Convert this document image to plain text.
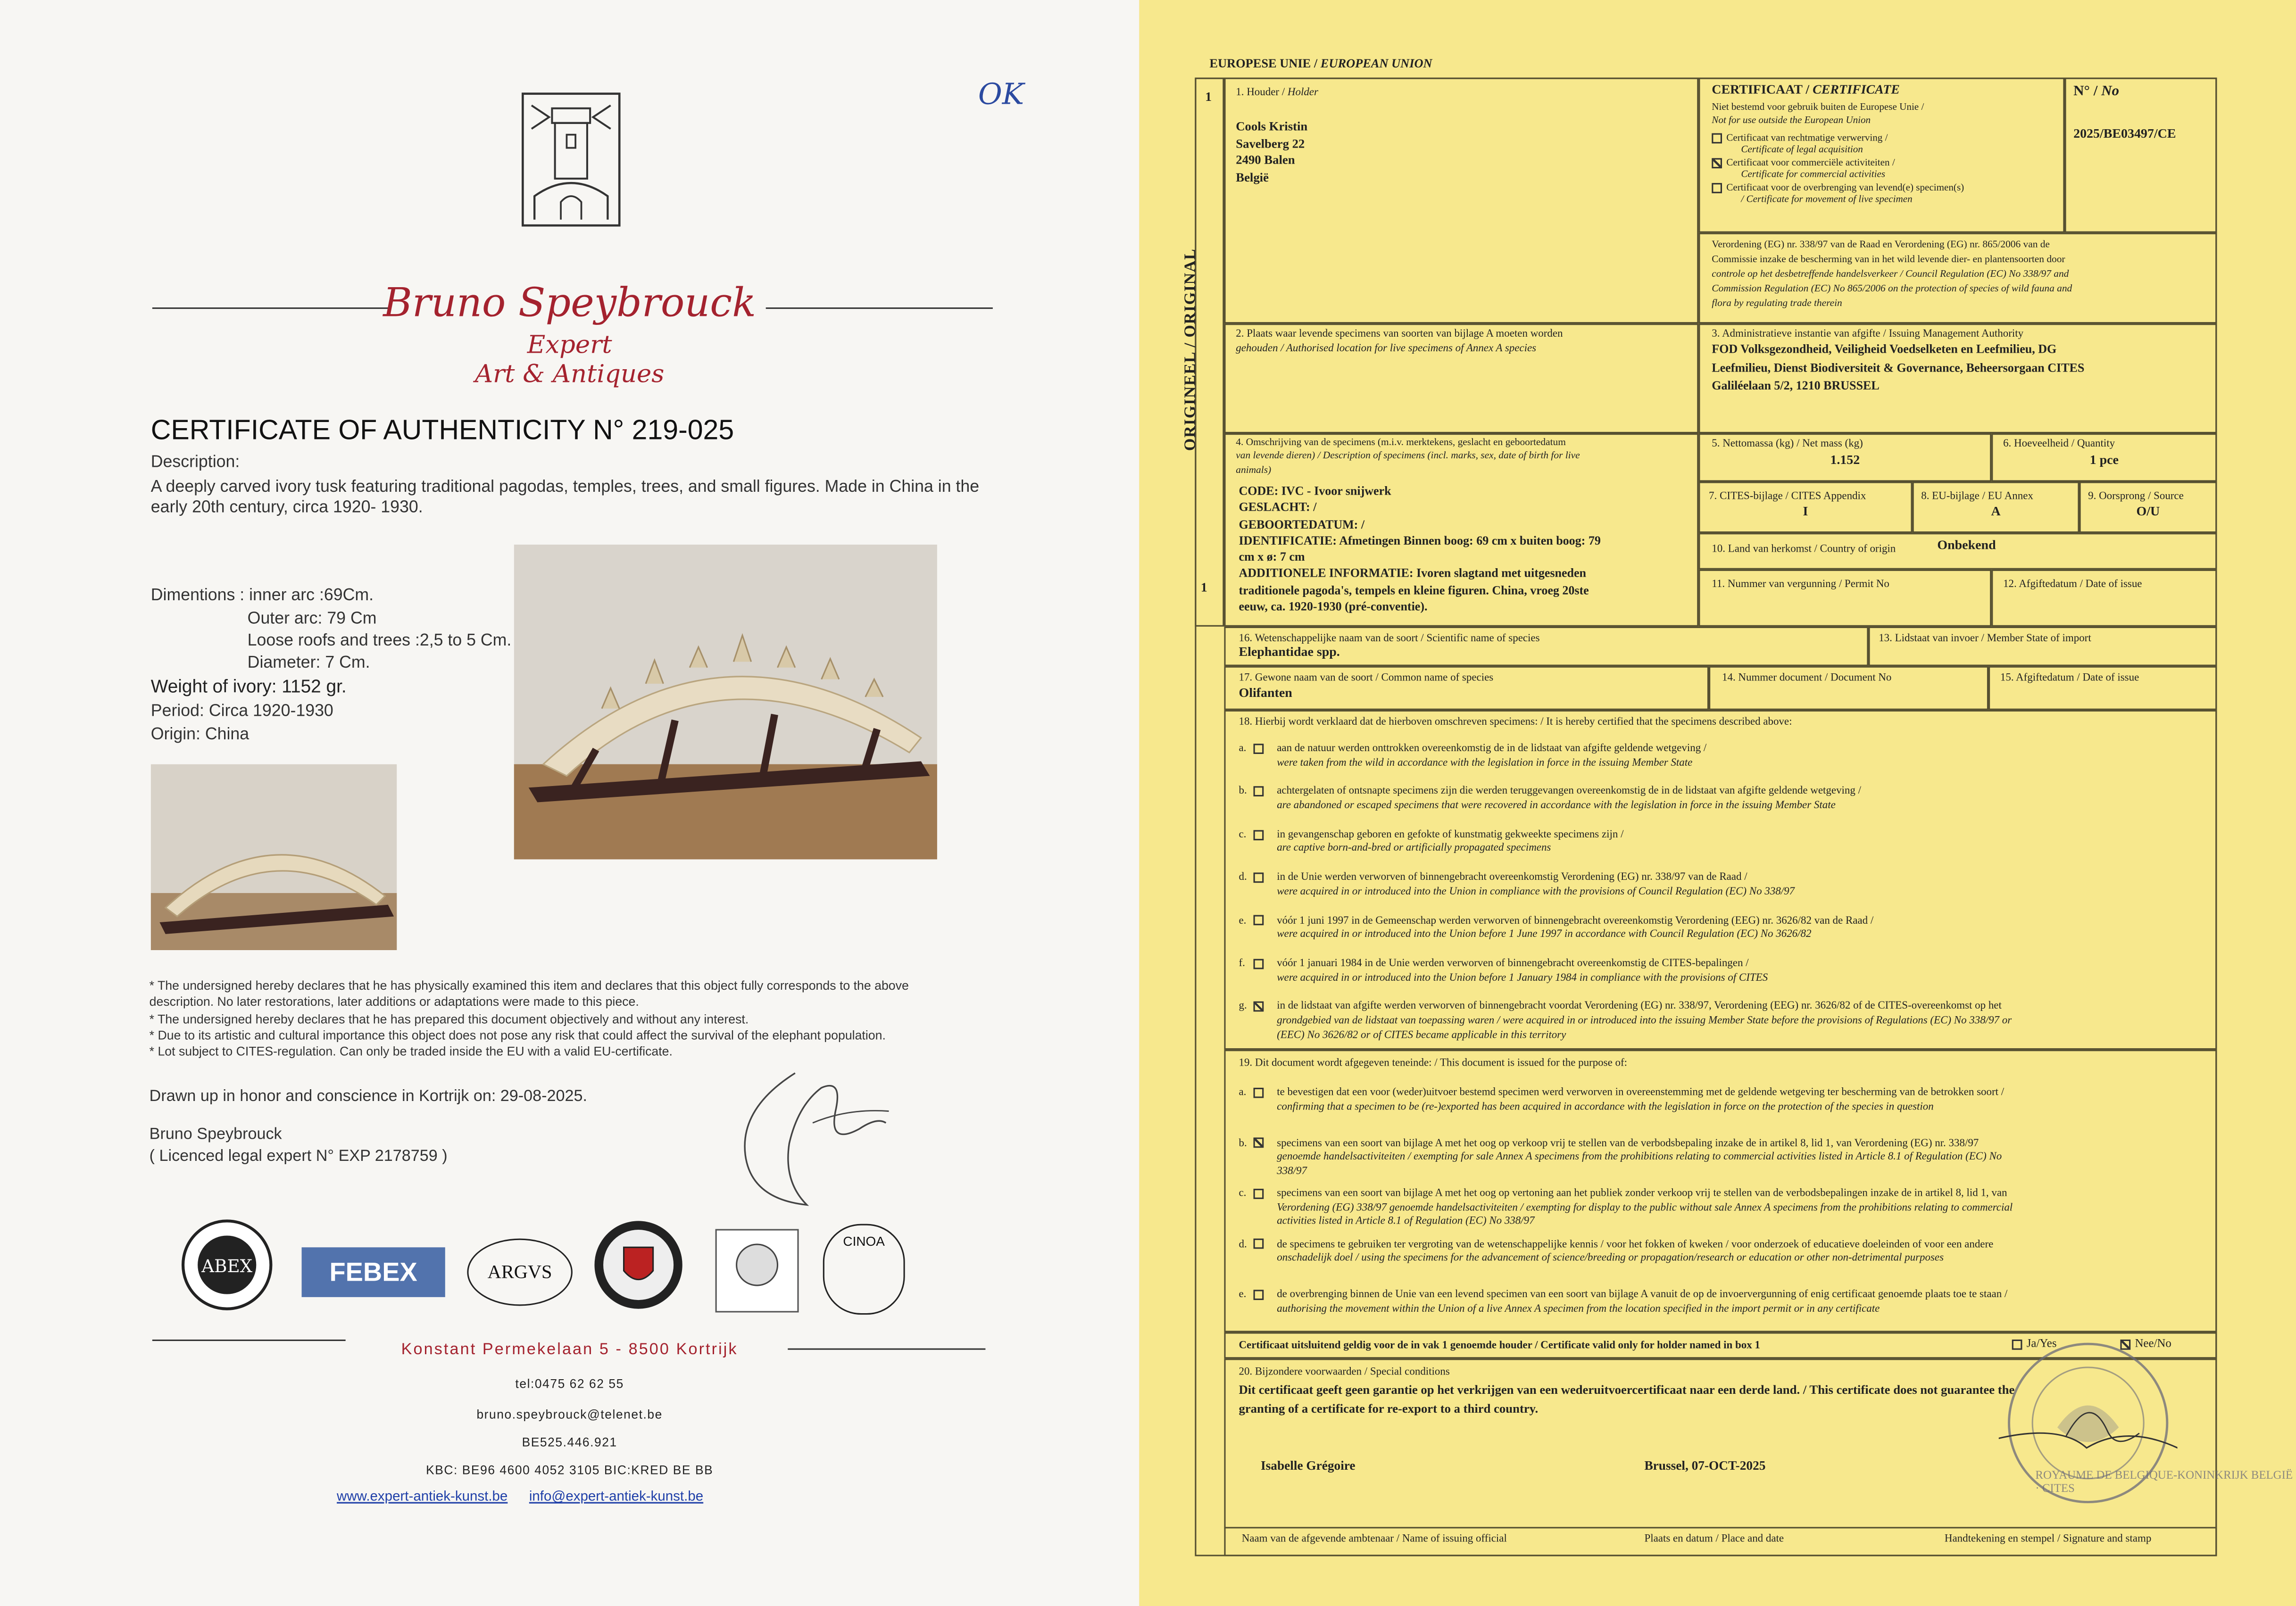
OK
Bruno Speybrouck
Expert
Art & Antiques
CERTIFICATE OF AUTHENTICITY N° 219-025
Description:
A deeply carved ivory tusk featuring traditional pagodas, temples, trees, and small figures. Made in China in the
early 20th century, circa 1920- 1930.
Dimentions : inner arc :69Cm.
Outer arc: 79 Cm
Loose roofs and trees :2,5 to 5 Cm.
Diameter: 7 Cm.
Weight of ivory: 1152 gr.
Period: Circa 1920-1930
Origin: China
* The undersigned hereby declares that he has physically examined this item and declares that this object fully corresponds to the above
description. No later restorations, later additions or adaptations were made to this piece.
* The undersigned hereby declares that he has prepared this document objectively and without any interest.
* Due to its artistic and cultural importance this object does not pose any risk that could affect the survival of the elephant population.
* Lot subject to CITES-regulation. Can only be traded inside the EU with a valid EU-certificate.
Drawn up in honor and conscience in Kortrijk on: 29-08-2025.
Bruno Speybrouck
( Licenced legal expert N° EXP 2178759 )
ABEX	FEBEX	ARGVS
CINOA
Konstant Permekelaan 5 - 8500 Kortrijk
tel:0475 62 62 55
bruno.speybrouck@telenet.be
BE525.446.921
KBC: BE96 4600 4052 3105 BIC:KRED BE BB
www.expert-antiek-kunst.be	info@expert-antiek-kunst.be
EUROPESE UNIE / EUROPEAN UNION
1
1
ORIGINEEL / ORIGINAL
1. Houder / Holder
Cools Kristin
Savelberg 22
2490 Balen
België
CERTIFICAAT / CERTIFICATE
Niet bestemd voor gebruik buiten de Europese Unie /
Not for use outside the European Union
Certificaat van rechtmatige verwerving /
Certificate of legal acquisition
Certificaat voor commerciële activiteiten /
Certificate for commercial activities
Certificaat voor de overbrenging van levend(e) specimen(s)
/ Certificate for movement of live specimen
N° / No
2025/BE03497/CE
Verordening (EG) nr. 338/97 van de Raad en Verordening (EG) nr. 865/2006 van de
Commissie inzake de bescherming van in het wild levende dier- en plantensoorten door
controle op het desbetreffende handelsverkeer / Council Regulation (EC) No 338/97 and
Commission Regulation (EC) No 865/2006 on the protection of species of wild fauna and
flora by regulating trade therein
2. Plaats waar levende specimens van soorten van bijlage A moeten worden
gehouden / Authorised location for live specimens of Annex A species
3. Administratieve instantie van afgifte / Issuing Management Authority
FOD Volksgezondheid, Veiligheid Voedselketen en Leefmilieu, DG
Leefmilieu, Dienst Biodiversiteit & Governance, Beheersorgaan CITES
Galiléelaan 5/2, 1210 BRUSSEL
4. Omschrijving van de specimens (m.i.v. merktekens, geslacht en geboortedatum
van levende dieren) / Description of specimens (incl. marks, sex, date of birth for live
animals)
CODE: IVC - Ivoor snijwerk
GESLACHT: /
GEBOORTEDATUM: /
IDENTIFICATIE: Afmetingen Binnen boog: 69 cm x buiten boog: 79
cm x ø: 7 cm
ADDITIONELE INFORMATIE: Ivoren slagtand met uitgesneden
traditionele pagoda's, tempels en kleine figuren. China, vroeg 20ste
eeuw, ca. 1920-1930 (pré-conventie).
5. Nettomassa (kg) / Net mass (kg)
1.152
6. Hoeveelheid / Quantity
1 pce
7. CITES-bijlage / CITES Appendix
I
8. EU-bijlage / EU Annex
A
9. Oorsprong / Source
O/U
10. Land van herkomst / Country of origin	Onbekend
11. Nummer van vergunning / Permit No	12. Afgiftedatum / Date of issue
16. Wetenschappelijke naam van de soort / Scientific name of species
Elephantidae spp.
13. Lidstaat van invoer / Member State of import
17. Gewone naam van de soort / Common name of species
Olifanten
14. Nummer document / Document No	15. Afgiftedatum / Date of issue
18. Hierbij wordt verklaard dat de hierboven omschreven specimens: / It is hereby certified that the specimens described above:
a.	aan de natuur werden onttrokken overeenkomstig de in de lidstaat van afgifte geldende wetgeving /
were taken from the wild in accordance with the legislation in force in the issuing Member State
b.	achtergelaten of ontsnapte specimens zijn die werden teruggevangen overeenkomstig de in de lidstaat van afgifte geldende wetgeving /
are abandoned or escaped specimens that were recovered in accordance with the legislation in force in the issuing Member State
c.	in gevangenschap geboren en gefokte of kunstmatig gekweekte specimens zijn /
are captive born-and-bred or artificially propagated specimens
d.	in de Unie werden verworven of binnengebracht overeenkomstig Verordening (EG) nr. 338/97 van de Raad /
were acquired in or introduced into the Union in compliance with the provisions of Council Regulation (EC) No 338/97
e.	vóór 1 juni 1997 in de Gemeenschap werden verworven of binnengebracht overeenkomstig Verordening (EEG) nr. 3626/82 van de Raad /
were acquired in or introduced into the Union before 1 June 1997 in accordance with Council Regulation (EC) No 3626/82
f.	vóór 1 januari 1984 in de Unie werden verworven of binnengebracht overeenkomstig de CITES-bepalingen /
were acquired in or introduced into the Union before 1 January 1984 in compliance with the provisions of CITES
g.	in de lidstaat van afgifte werden verworven of binnengebracht voordat Verordening (EG) nr. 338/97, Verordening (EEG) nr. 3626/82 of de CITES-overeenkomst op het
grondgebied van de lidstaat van toepassing waren / were acquired in or introduced into the issuing Member State before the provisions of Regulations (EC) No 338/97 or
(EEC) No 3626/82 or of CITES became applicable in this territory
19. Dit document wordt afgegeven teneinde: / This document is issued for the purpose of:
a.	te bevestigen dat een voor (weder)uitvoer bestemd specimen werd verworven in overeenstemming met de geldende wetgeving ter bescherming van de betrokken soort /
confirming that a specimen to be (re-)exported has been acquired in accordance with the legislation in force on the protection of the species in question
b.	specimens van een soort van bijlage A met het oog op verkoop vrij te stellen van de verbodsbepaling inzake de in artikel 8, lid 1, van Verordening (EG) nr. 338/97
genoemde handelsactiviteiten / exempting for sale Annex A specimens from the prohibitions relating to commercial activities listed in Article 8.1 of Regulation (EC) No
338/97
c.	specimens van een soort van bijlage A met het oog op vertoning aan het publiek zonder verkoop vrij te stellen van de verbodsbepalingen inzake de in artikel 8, lid 1, van
Verordening (EG) 338/97 genoemde handelsactiviteiten / exempting for display to the public without sale Annex A specimens from the prohibitions relating to commercial
activities listed in Article 8.1 of Regulation (EC) No 338/97
d.	de specimens te gebruiken ter vergroting van de wetenschappelijke kennis / voor het fokken of kweken / voor onderzoek of educatieve doeleinden of voor een andere
onschadelijk doel / using the specimens for the advancement of science/breeding or propagation/research or education or other non-detrimental purposes
e.	de overbrenging binnen de Unie van een levend specimen van een soort van bijlage A vanuit de op de invoervergunning of enig certificaat genoemde plaats toe te staan /
authorising the movement within the Union of a live Annex A specimen from the location specified in the import permit or in any certificate
Certificaat uitsluitend geldig voor de in vak 1 genoemde houder / Certificate valid only for holder named in box 1	Ja/Yes	Nee/No
20. Bijzondere voorwaarden / Special conditions
Dit certificaat geeft geen garantie op het verkrijgen van een wederuitvoercertificaat naar een derde land. / This certificate does not guarantee the
granting of a certificate for re-export to a third country.
Isabelle Grégoire	Brussel, 07-OCT-2025
Naam van de afgevende ambtenaar / Name of issuing official	Plaats en datum / Place and date	Handtekening en stempel / Signature and stamp
ROYAUME DE BELGIQUE-KONINKRIJK BELGIË · CITES
